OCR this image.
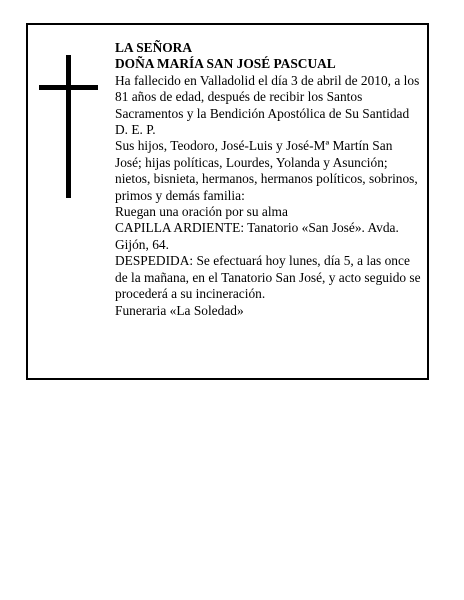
LA SEÑORA

DOÑA MARÍA SAN JOSÉ PASCUAL

Ha fallecido en Valladolid el día 3 de abril de 2010, a los 81 años de edad, después de recibir los Santos Sacramentos y la Bendición Apostólica de Su Santidad D. E. P.

Sus hijos, Teodoro, José-Luis y José-Mª Martín San José; hijas políticas, Lourdes, Yolanda y Asunción; nietos, bisnieta, hermanos, hermanos políticos, sobrinos, primos y demás familia:

Ruegan una oración por su alma

CAPILLA ARDIENTE: Tanatorio «San José». Avda. Gijón, 64.

DESPEDIDA: Se efectuará hoy lunes, día 5, a las once de la mañana, en el Tanatorio San José, y acto seguido se procederá a su incineración.

Funeraria «La Soledad»
